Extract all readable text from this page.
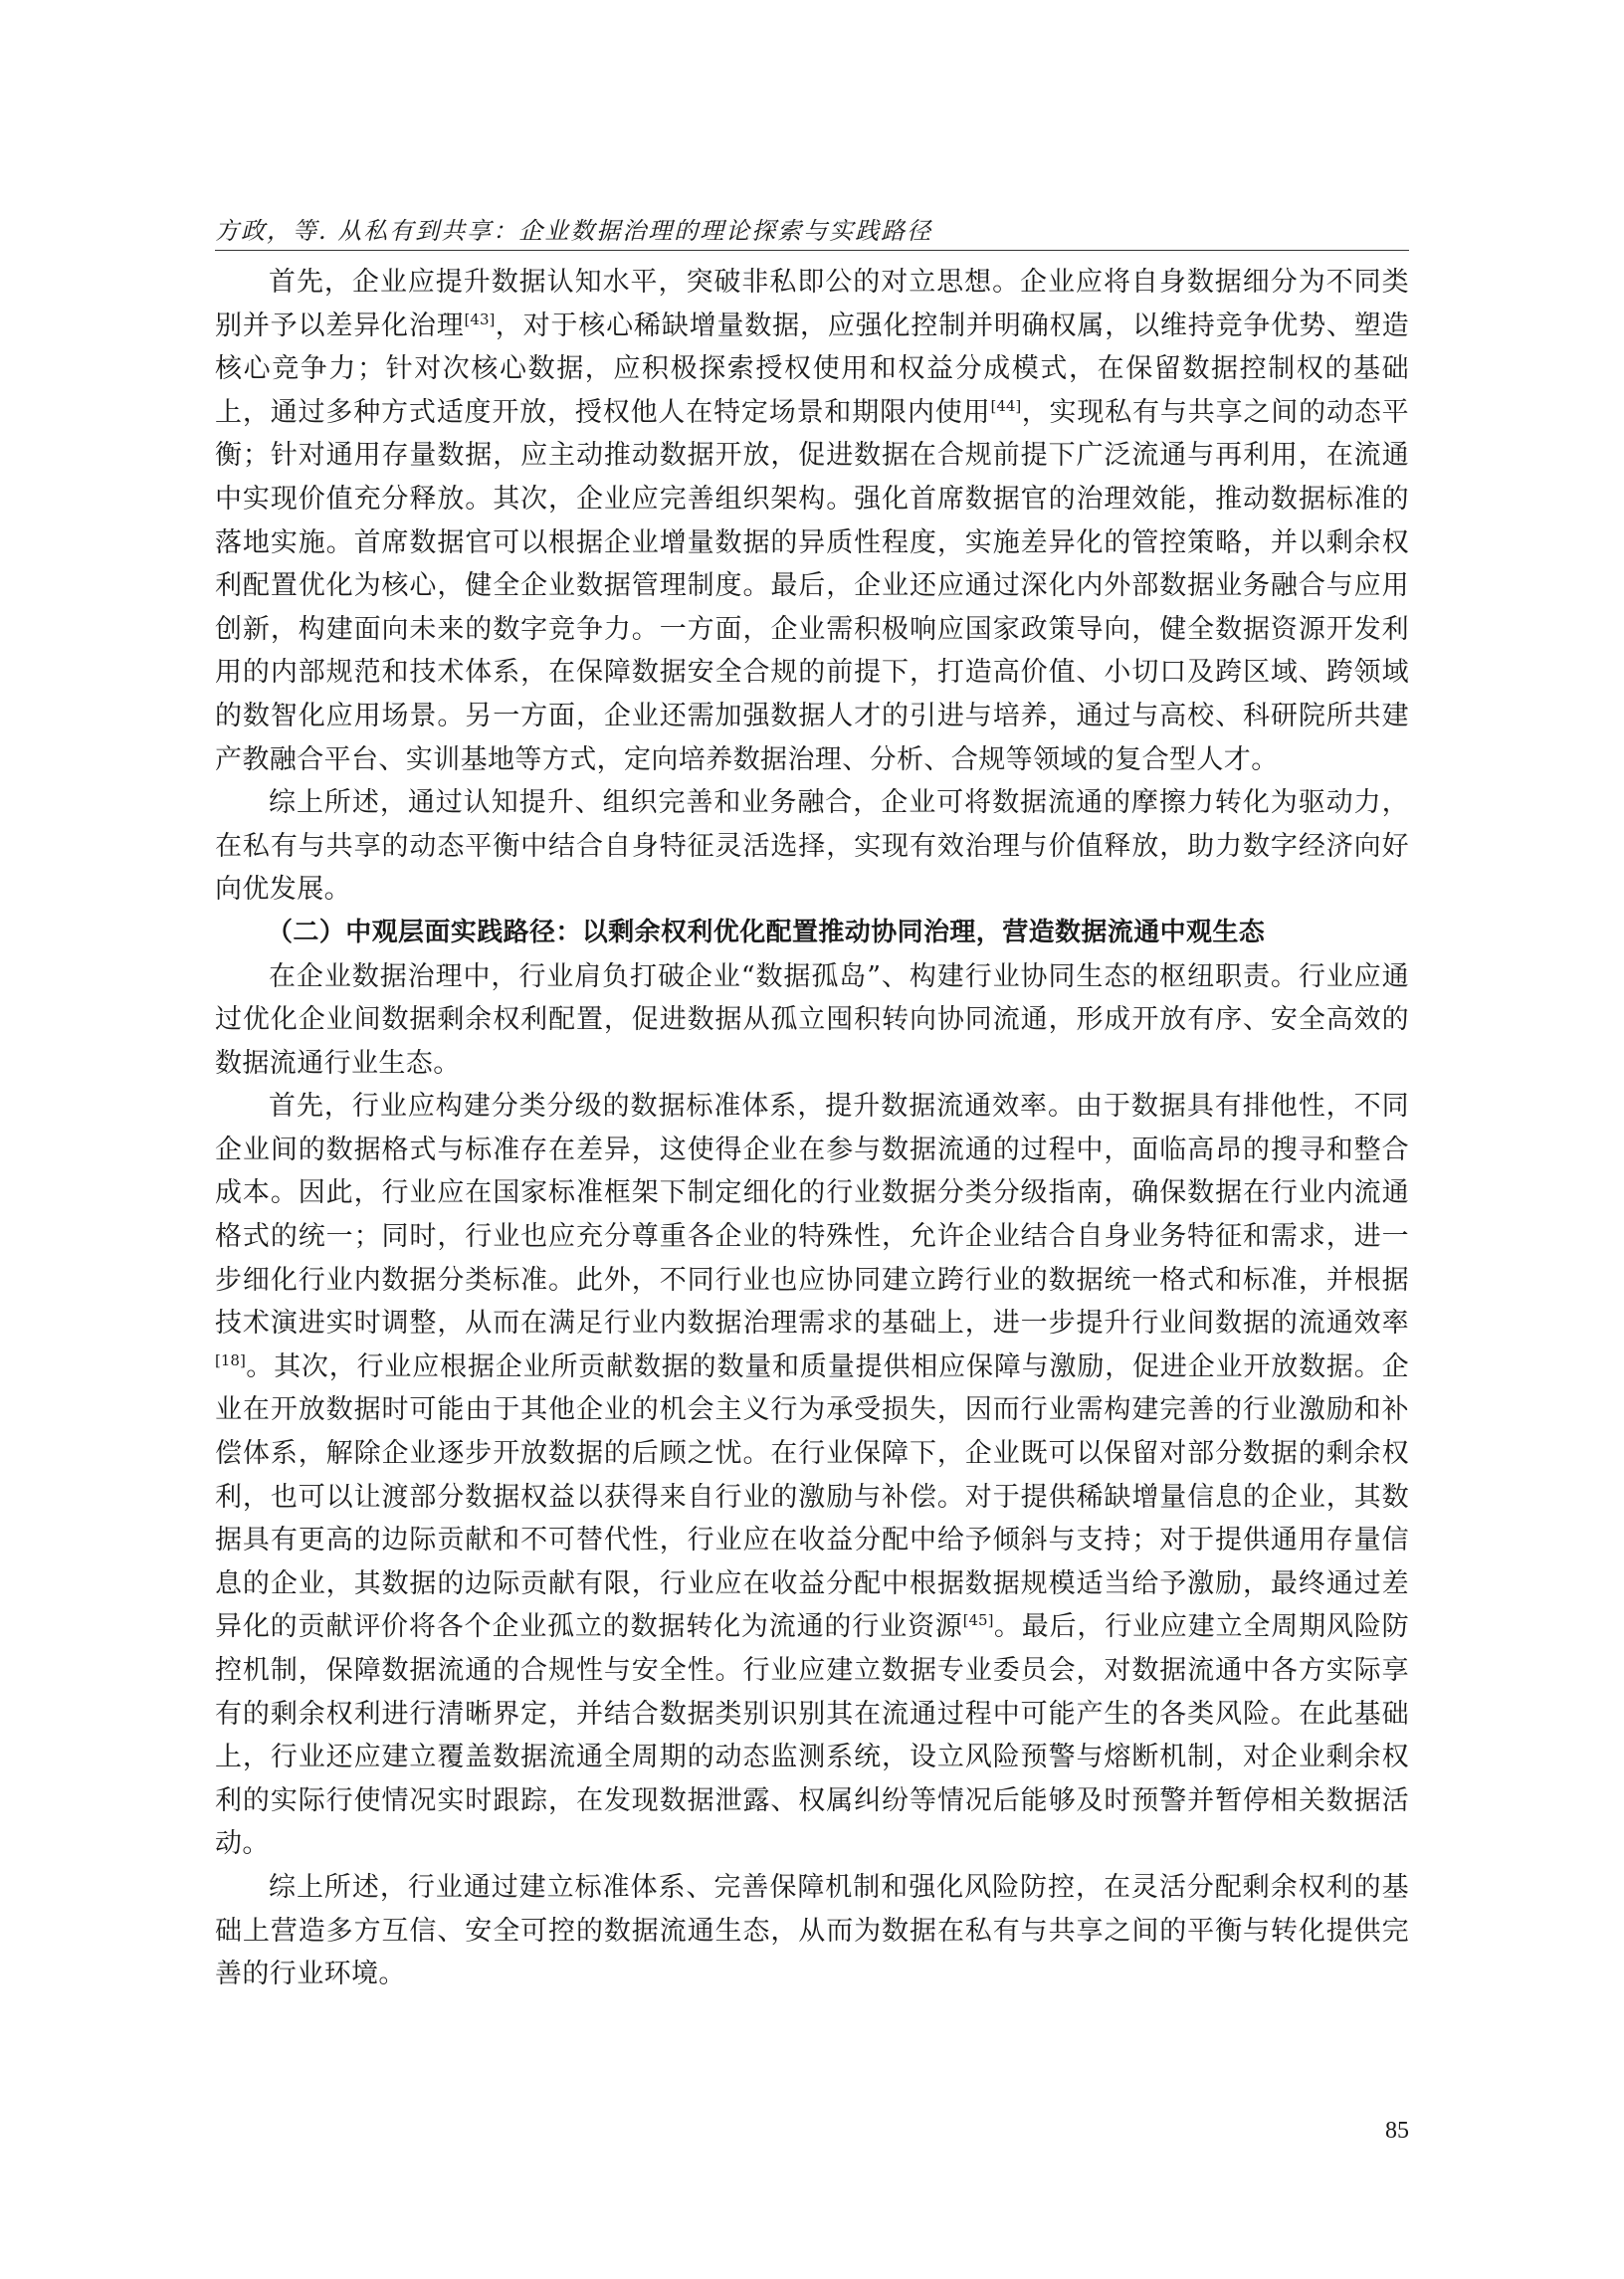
方政，等. 从私有到共享：企业数据治理的理论探索与实践路径

首先，企业应提升数据认知水平，突破非私即公的对立思想。企业应将自身数据细分为不同类别并予以差异化治理[43]，对于核心稀缺增量数据，应强化控制并明确权属，以维持竞争优势、塑造核心竞争力；针对次核心数据，应积极探索授权使用和权益分成模式，在保留数据控制权的基础上，通过多种方式适度开放，授权他人在特定场景和期限内使用[44]，实现私有与共享之间的动态平衡；针对通用存量数据，应主动推动数据开放，促进数据在合规前提下广泛流通与再利用，在流通中实现价值充分释放。其次，企业应完善组织架构。强化首席数据官的治理效能，推动数据标准的落地实施。首席数据官可以根据企业增量数据的异质性程度，实施差异化的管控策略，并以剩余权利配置优化为核心，健全企业数据管理制度。最后，企业还应通过深化内外部数据业务融合与应用创新，构建面向未来的数字竞争力。一方面，企业需积极响应国家政策导向，健全数据资源开发利用的内部规范和技术体系，在保障数据安全合规的前提下，打造高价值、小切口及跨区域、跨领域的数智化应用场景。另一方面，企业还需加强数据人才的引进与培养，通过与高校、科研院所共建产教融合平台、实训基地等方式，定向培养数据治理、分析、合规等领域的复合型人才。

综上所述，通过认知提升、组织完善和业务融合，企业可将数据流通的摩擦力转化为驱动力，在私有与共享的动态平衡中结合自身特征灵活选择，实现有效治理与价值释放，助力数字经济向好向优发展。

（二）中观层面实践路径：以剩余权利优化配置推动协同治理，营造数据流通中观生态

在企业数据治理中，行业肩负打破企业“数据孤岛”、构建行业协同生态的枢纽职责。行业应通过优化企业间数据剩余权利配置，促进数据从孤立囤积转向协同流通，形成开放有序、安全高效的数据流通行业生态。

首先，行业应构建分类分级的数据标准体系，提升数据流通效率。由于数据具有排他性，不同企业间的数据格式与标准存在差异，这使得企业在参与数据流通的过程中，面临高昂的搜寻和整合成本。因此，行业应在国家标准框架下制定细化的行业数据分类分级指南，确保数据在行业内流通格式的统一；同时，行业也应充分尊重各企业的特殊性，允许企业结合自身业务特征和需求，进一步细化行业内数据分类标准。此外，不同行业也应协同建立跨行业的数据统一格式和标准，并根据技术演进实时调整，从而在满足行业内数据治理需求的基础上，进一步提升行业间数据的流通效率[18]。其次，行业应根据企业所贡献数据的数量和质量提供相应保障与激励，促进企业开放数据。企业在开放数据时可能由于其他企业的机会主义行为承受损失，因而行业需构建完善的行业激励和补偿体系，解除企业逐步开放数据的后顾之忧。在行业保障下，企业既可以保留对部分数据的剩余权利，也可以让渡部分数据权益以获得来自行业的激励与补偿。对于提供稀缺增量信息的企业，其数据具有更高的边际贡献和不可替代性，行业应在收益分配中给予倾斜与支持；对于提供通用存量信息的企业，其数据的边际贡献有限，行业应在收益分配中根据数据规模适当给予激励，最终通过差异化的贡献评价将各个企业孤立的数据转化为流通的行业资源[45]。最后，行业应建立全周期风险防控机制，保障数据流通的合规性与安全性。行业应建立数据专业委员会，对数据流通中各方实际享有的剩余权利进行清晰界定，并结合数据类别识别其在流通过程中可能产生的各类风险。在此基础上，行业还应建立覆盖数据流通全周期的动态监测系统，设立风险预警与熔断机制，对企业剩余权利的实际行使情况实时跟踪，在发现数据泄露、权属纠纷等情况后能够及时预警并暂停相关数据活动。

综上所述，行业通过建立标准体系、完善保障机制和强化风险防控，在灵活分配剩余权利的基础上营造多方互信、安全可控的数据流通生态，从而为数据在私有与共享之间的平衡与转化提供完善的行业环境。

85
